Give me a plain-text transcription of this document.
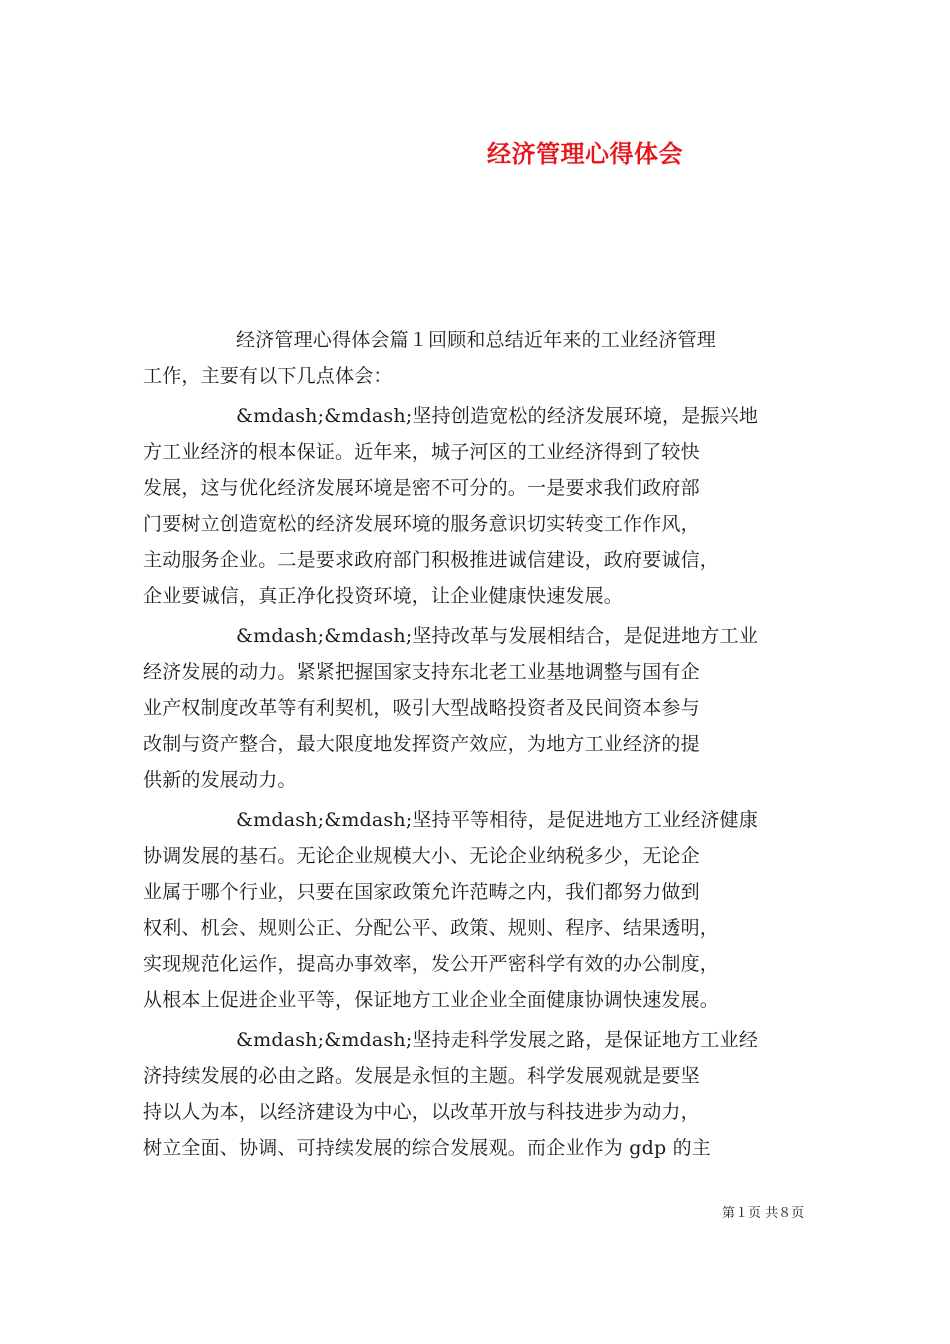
经济管理心得体会
经济管理心得体会篇１回顾和总结近年来的工业经济管理
工作，主要有以下几点体会：
&mdash;&mdash;坚持创造宽松的经济发展环境，是振兴地
方工业经济的根本保证。近年来，城子河区的工业经济得到了较快
发展，这与优化经济发展环境是密不可分的。一是要求我们政府部
门要树立创造宽松的经济发展环境的服务意识切实转变工作作风，
主动服务企业。二是要求政府部门积极推进诚信建设，政府要诚信，
企业要诚信，真正净化投资环境，让企业健康快速发展。
&mdash;&mdash;坚持改革与发展相结合，是促进地方工业
经济发展的动力。紧紧把握国家支持东北老工业基地调整与国有企
业产权制度改革等有利契机，吸引大型战略投资者及民间资本参与
改制与资产整合，最大限度地发挥资产效应，为地方工业经济的提
供新的发展动力。
&mdash;&mdash;坚持平等相待，是促进地方工业经济健康
协调发展的基石。无论企业规模大小、无论企业纳税多少，无论企
业属于哪个行业，只要在国家政策允许范畴之内，我们都努力做到
权利、机会、规则公正、分配公平、政策、规则、程序、结果透明，
实现规范化运作，提高办事效率，发公开严密科学有效的办公制度，
从根本上促进企业平等，保证地方工业企业全面健康协调快速发展。
&mdash;&mdash;坚持走科学发展之路，是保证地方工业经
济持续发展的必由之路。发展是永恒的主题。科学发展观就是要坚
持以人为本，以经济建设为中心，以改革开放与科技进步为动力，
树立全面、协调、可持续发展的综合发展观。而企业作为 gdp 的主
第１页 共８页
